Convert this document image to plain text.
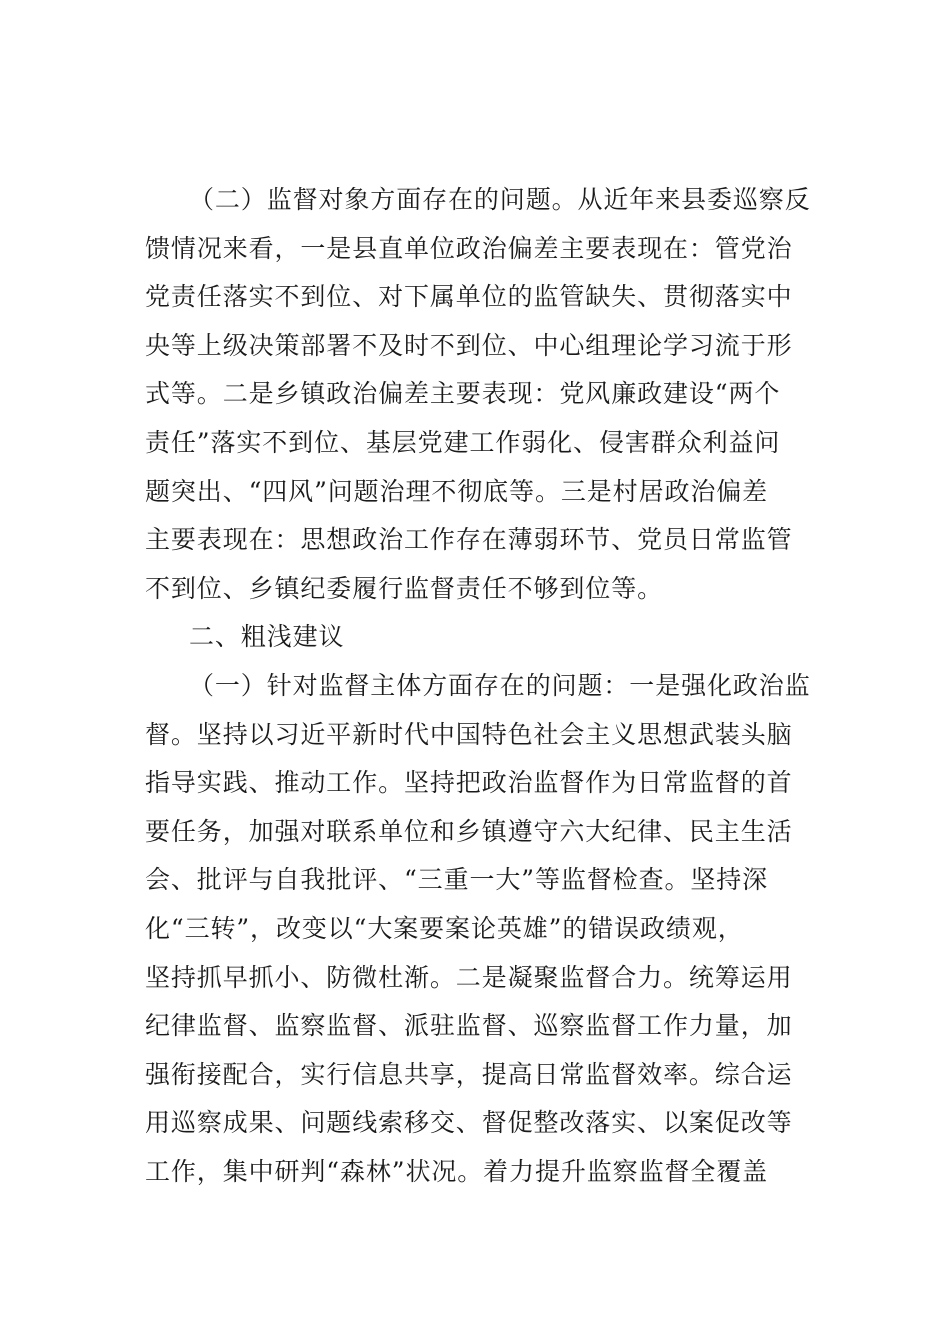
（二）监督对象方面存在的问题。从近年来县委巡察反
馈情况来看，一是县直单位政治偏差主要表现在：管党治
党责任落实不到位、对下属单位的监管缺失、贯彻落实中
央等上级决策部署不及时不到位、中心组理论学习流于形
式等。二是乡镇政治偏差主要表现：党风廉政建设“两个
责任”落实不到位、基层党建工作弱化、侵害群众利益问
题突出、“四风”问题治理不彻底等。三是村居政治偏差
主要表现在：思想政治工作存在薄弱环节、党员日常监管
不到位、乡镇纪委履行监督责任不够到位等。
二、粗浅建议
（一）针对监督主体方面存在的问题：一是强化政治监
督。坚持以习近平新时代中国特色社会主义思想武装头脑
指导实践、推动工作。坚持把政治监督作为日常监督的首
要任务，加强对联系单位和乡镇遵守六大纪律、民主生活
会、批评与自我批评、“三重一大”等监督检查。坚持深
化“三转”，改变以“大案要案论英雄”的错误政绩观，
坚持抓早抓小、防微杜渐。二是凝聚监督合力。统筹运用
纪律监督、监察监督、派驻监督、巡察监督工作力量，加
强衔接配合，实行信息共享，提高日常监督效率。综合运
用巡察成果、问题线索移交、督促整改落实、以案促改等
工作，集中研判“森林”状况。着力提升监察监督全覆盖
